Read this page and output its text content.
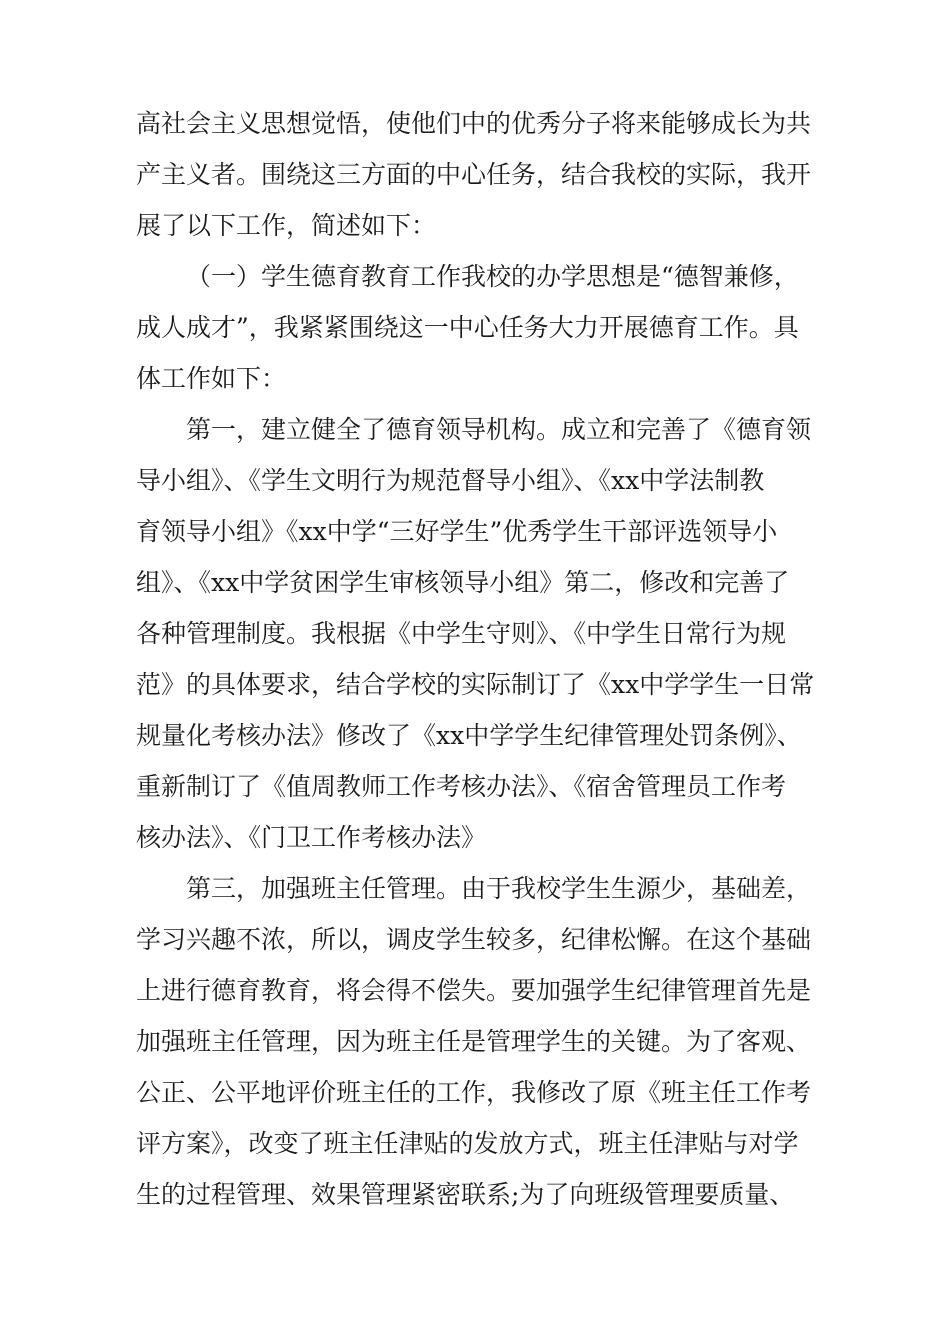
高社会主义思想觉悟，使他们中的优秀分子将来能够成长为共
产主义者。围绕这三方面的中心任务，结合我校的实际，我开
展了以下工作，简述如下：
（一）学生德育教育工作我校的办学思想是“德智兼修，
成人成才”，我紧紧围绕这一中心任务大力开展德育工作。具
体工作如下：
第一，建立健全了德育领导机构。成立和完善了《德育领
导小组》、《学生文明行为规范督导小组》、《xx中学法制教
育领导小组》《xx中学“三好学生”优秀学生干部评选领导小
组》、《xx中学贫困学生审核领导小组》第二，修改和完善了
各种管理制度。我根据《中学生守则》、《中学生日常行为规
范》的具体要求，结合学校的实际制订了《xx中学学生一日常
规量化考核办法》修改了《xx中学学生纪律管理处罚条例》、
重新制订了《值周教师工作考核办法》、《宿舍管理员工作考
核办法》、《门卫工作考核办法》
第三，加强班主任管理。由于我校学生生源少，基础差，
学习兴趣不浓，所以，调皮学生较多，纪律松懈。在这个基础
上进行德育教育，将会得不偿失。要加强学生纪律管理首先是
加强班主任管理，因为班主任是管理学生的关键。为了客观、
公正、公平地评价班主任的工作，我修改了原《班主任工作考
评方案》，改变了班主任津贴的发放方式，班主任津贴与对学
生的过程管理、效果管理紧密联系;为了向班级管理要质量、
